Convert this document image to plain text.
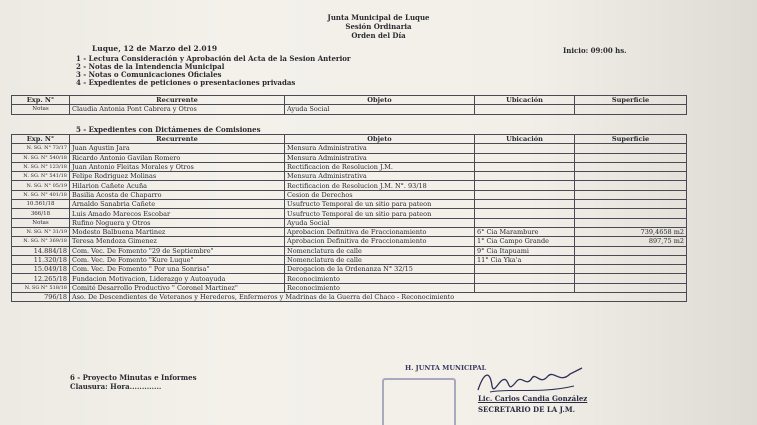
Junta Municipal de Luque
Sesión Ordinaria
Orden del Día
Luque, 12 de Marzo del 2.019	Inicio: 09:00 hs.
1 - Lectura Consideración y Aprobación del Acta de la Sesion Anterior
2 - Notas de la Intendencia Municipal
3 - Notas o Comunicaciones Oficiales
4 - Expedientes de peticiones o presentaciones privadas
Exp. N°	Recurrente	Objeto	Ubicación	Superficie
Notas	Claudia Antonia Pont Cabrera y Otros	Ayuda Social		
5 - Expedientes con Dictámenes de Comisiones
Exp. N°	Recurrente	Objeto	Ubicación	Superficie
N. SG. N° 73/17	Juan Agustin Jara	Mensura Administrativa		
N. SG. N° 540/18	Ricardo Antonio Gavilan Romero	Mensura Administrativa		
N. SG. N° 123/18	Juan Antonio Fleitas Morales y Otros	Rectificacion de Resolucion J.M.		
N. SG. N° 541/18	Felipe Rodriguez Molinas	Mensura Administrativa		
N. SG. N° 05/19	Hilarion Cañete Acuña	Rectificacion de Resolucion J.M. N°. 93/18		
N. SG. N° 401/18	Basilia Acosta de Chaparro	Cesion de Derechos		
10.561/18	Arnaldo Sanabria Cañete	Usufructo Temporal de un sitio para pateon		
366/18	Luis Amado Marecos Escobar	Usufructo Temporal de un sitio para pateon		
Notas	Rufino Noguera y Otros	Ayuda Social		
N. SG. N° 31/19	Modesto Balbuena Martinez	Aprobacion Definitiva de Fraccionamiento	6° Cia Marambure	739,4658 m2
N. SG. N° 369/18	Teresa Mendoza Gimenez	Aprobacion Definitiva de Fraccionamiento	1° Cia Campo Grande	897,75 m2
14.884/18	Com. Vec. De Fomento "29 de Septiembre"	Nomenclatura de calle	9° Cia Itapuami	
11.320/18	Com. Vec. De Fomento "Kure Luque"	Nomenclatura de calle	11° Cia Yka'a	
15.049/18	Com. Vec. De Fomento " Por una Sonrisa"	Derogacion de la Ordenanza N° 32/15		
12.265/18	Fundacion Motivacion, Liderazgo y Autoayuda	Reconocimiento		
N. SG N° 518/18	Comité Desarrollo Productivo " Coronel Martinez"	Reconocimiento		
796/18	Aso. De Descendientes de Veteranos y Herederos, Enfermeros y Madrinas de la Guerra del Chaco - Reconocimiento			
H. JUNTA MUNICIPAL
6 - Proyecto Minutas e Informes
Clausura: Hora.............
Lic. Carlos Candia González
SECRETARIO DE LA J.M.
